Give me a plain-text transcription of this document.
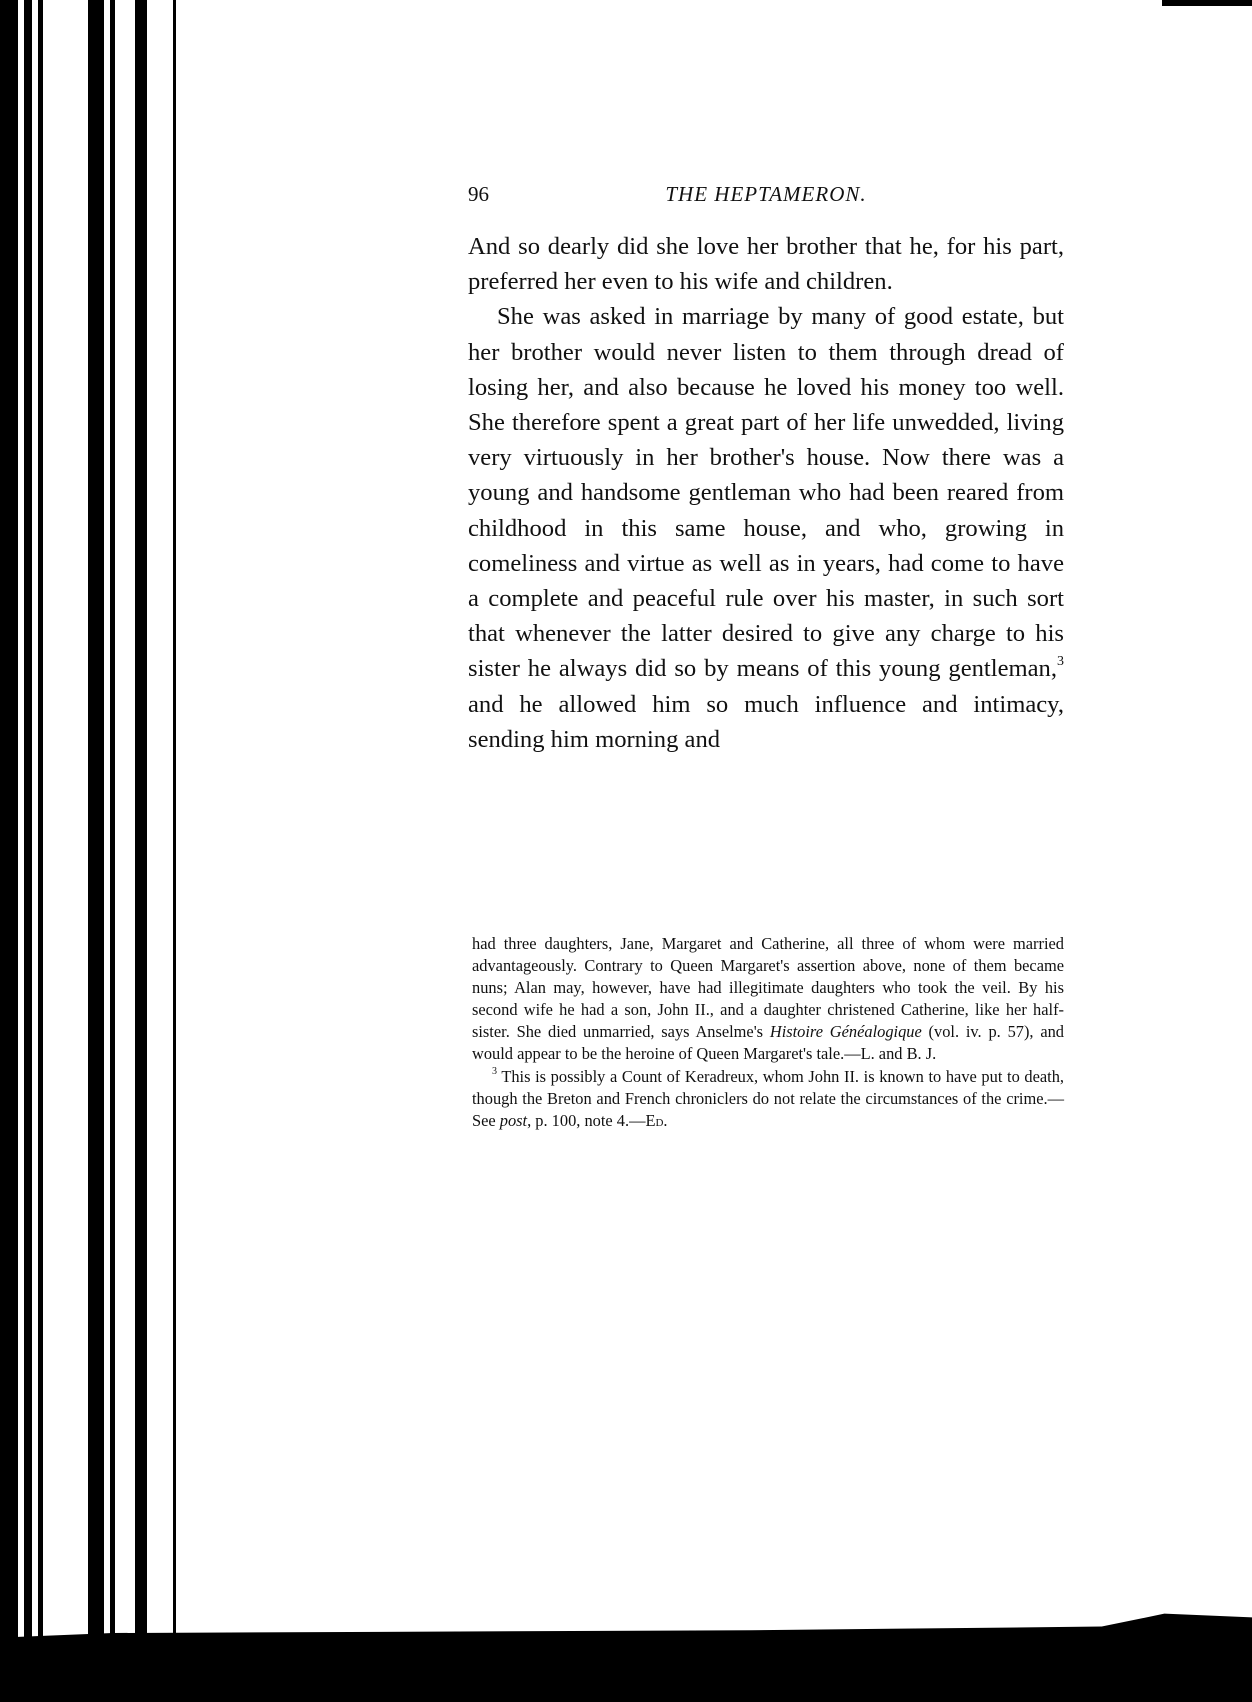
96	THE HEPTAMERON.

And so dearly did she love her brother that he, for his part, preferred her even to his wife and children.

She was asked in marriage by many of good estate, but her brother would never listen to them through dread of losing her, and also because he loved his money too well. She therefore spent a great part of her life unwedded, living very virtuously in her brother's house. Now there was a young and handsome gentleman who had been reared from childhood in this same house, and who, growing in comeliness and virtue as well as in years, had come to have a complete and peaceful rule over his master, in such sort that whenever the latter desired to give any charge to his sister he always did so by means of this young gentleman,$^3$ and he allowed him so much influence and intimacy, sending him morning and

had three daughters, Jane, Margaret and Catherine, all three of whom were married advantageously. Contrary to Queen Margaret's assertion above, none of them became nuns; Alan may, however, have had illegitimate daughters who took the veil. By his second wife he had a son, John II., and a daughter christened Catherine, like her half-sister. She died unmarried, says Anselme's Histoire Généalogique (vol. iv. p. 57), and would appear to be the heroine of Queen Margaret's tale.—L. and B. J.

$^3$ This is possibly a Count of Keradreux, whom John II. is known to have put to death, though the Breton and French chroniclers do not relate the circumstances of the crime.—See post, p. 100, note 4.—Ed.
